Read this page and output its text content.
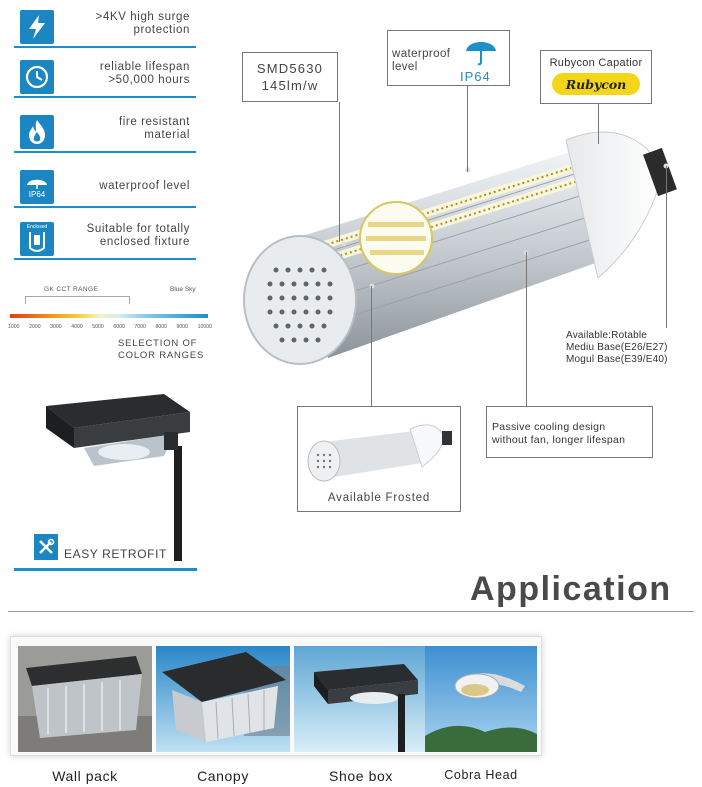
>4KV high surge
protection
reliable lifespan
>50,000 hours
fire resistant
material
IP64
waterproof level
Enclosed	Suitable for totally
enclosed fixture
GK CCT RANGE	Blue Sky
1000 2000 3000 4000 5000 6000 7000 8000 9000 10000
SELECTION OF
COLOR RANGES
EASY RETROFIT
SMD5630
145lm/w
waterproof
level
IP64
Rubycon Capatior
Rubycon
Available Frosted
Passive cooling design
without fan, longer lifespan
Available:Rotable
Mediu Base(E26/E27)
Mogul Base(E39/E40)
Application
Wall pack	Canopy	Shoe box	Cobra Head
